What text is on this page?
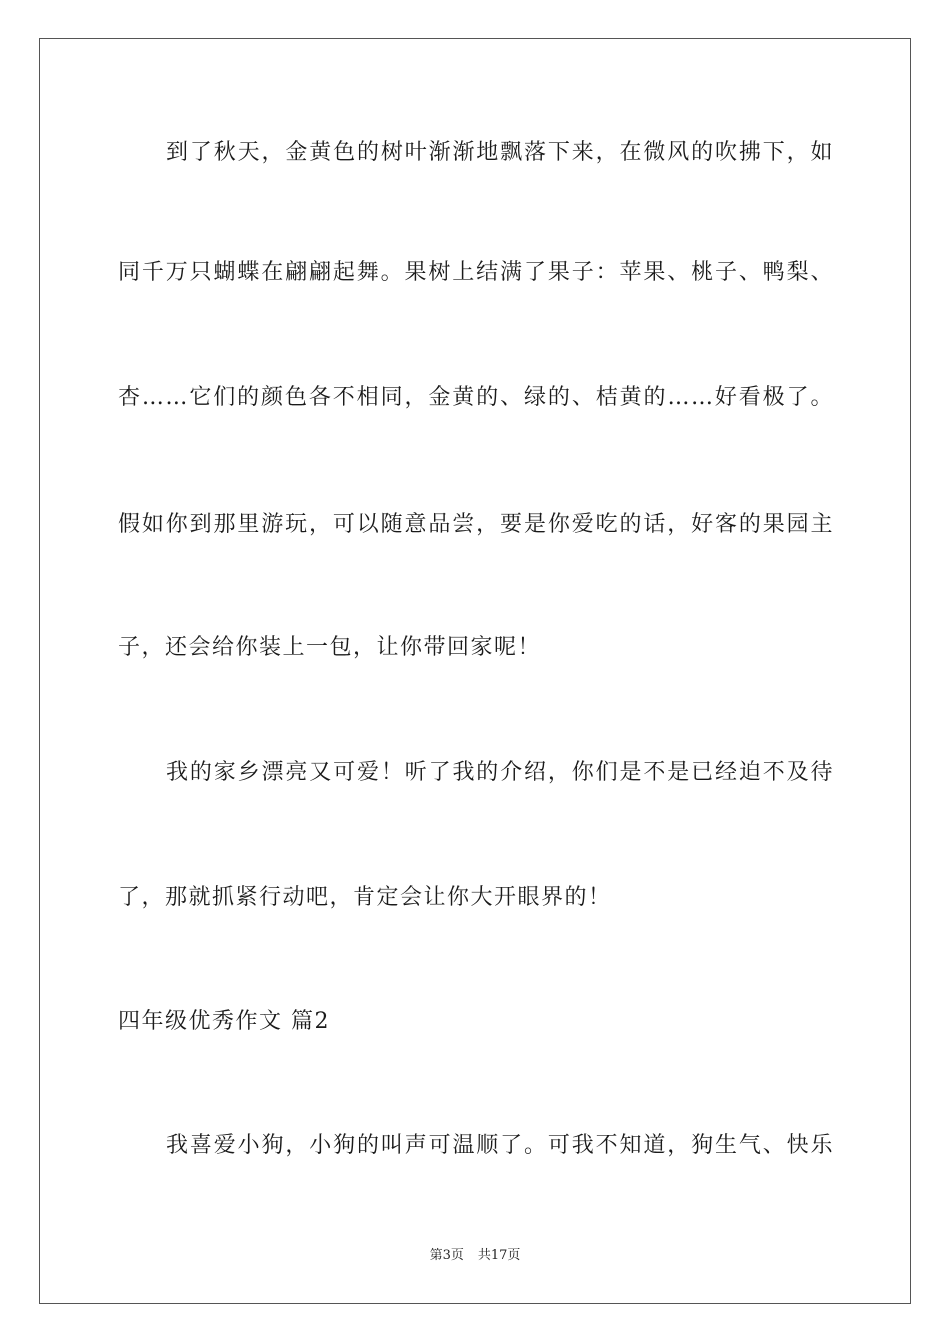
到了秋天，金黄色的树叶渐渐地飘落下来，在微风的吹拂下，如
同千万只蝴蝶在翩翩起舞。果树上结满了果子：苹果、桃子、鸭梨、
杏……它们的颜色各不相同，金黄的、绿的、桔黄的……好看极了。
假如你到那里游玩，可以随意品尝，要是你爱吃的话，好客的果园主
子，还会给你装上一包，让你带回家呢！
我的家乡漂亮又可爱！听了我的介绍，你们是不是已经迫不及待
了，那就抓紧行动吧，肯定会让你大开眼界的！
四年级优秀作文 篇2
我喜爱小狗，小狗的叫声可温顺了。可我不知道，狗生气、快乐
第3页 共17页
